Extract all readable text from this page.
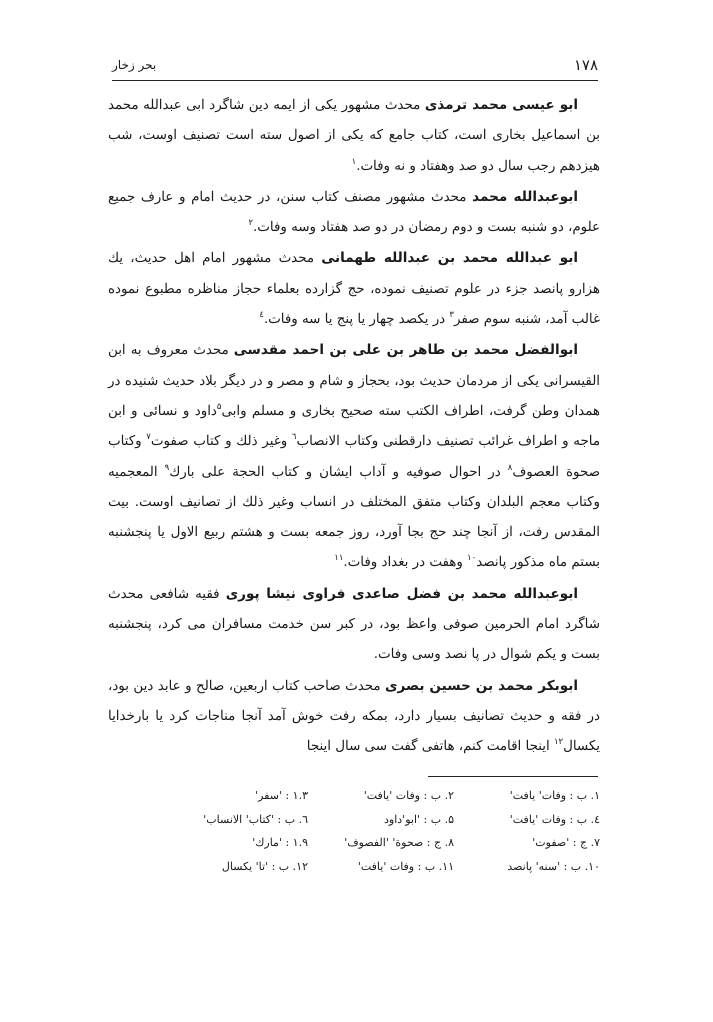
۱۷۸
بحر زخار

ابو عیسی محمد ترمذی محدث مشهور یکی از ایمه دین شاگرد ابی عبدالله محمد بن اسماعیل بخاری است، کتاب جامع که یکی از اصول سته است تصنیف اوست، شب هیزدهم رجب سال دو صد وهفتاد و نه وفات.$^۱$

ابوعبدالله محمد محدث مشهور مصنف کتاب سنن، در حدیث امام و عارف جمیع علوم، دو شنبه بست و دوم رمضان در دو صد هفتاد وسه وفات.$^۲$

ابو عبدالله محمد بن عبدالله طهمانی محدث مشهور امام اهل حدیث، یك هزارو پانصد جزء در علوم تصنیف نموده، حج گزارده بعلماء حجاز مناظره مطبوع نموده غالب آمد، شنبه سوم صفر$^۳$ در یکصد چهار یا پنج یا سه وفات.$^٤$

ابوالفضل محمد بن طاهر بن علی بن احمد مقدسی محدث معروف به ابن القیسرانی یکی از مردمان حدیث بود، بحجاز و شام و مصر و در دیگر بلاد حدیث شنیده در همدان وطن گرفت، اطراف الکتب سته صحیح بخاری و مسلم وابی$^۵$داود و نسائی و ابن ماجه و اطراف غرائب تصنیف دارقطنی وکتاب الانصاب$^٦$ وغیر ذلك و کتاب صفوت$^۷$ وکتاب صحوة العصوف$^۸$ در احوال صوفیه و آداب ایشان و کتاب الحجة علی بارك$^۹$ المعجمیه وکتاب معجم البلدان وکتاب متفق المختلف در انساب وغیر ذلك از تصانیف اوست. بیت المقدس رفت، از آنجا چند حج بجا آورد، روز جمعه بست و هشتم ربیع الاول یا پنجشنبه بستم ماه مذکور پانصد$^{۱۰}$ وهفت در بغداد وفات.$^{۱۱}$

ابوعبدالله محمد بن فضل صاعدی فراوی نیشا پوری فقیه شافعی محدث شاگرد امام الحرمین صوفی واعظ بود، در کبر سن خدمت مسافران می کرد، پنجشنبه بست و یکم شوال در پا نصد وسی وفات.

ابوبکر محمد بن حسین بصری محدث صاحب کتاب اربعین، صالح و عابد دین بود، در فقه و حدیث تصانیف بسیار دارد، بمکه رفت خوش آمد آنجا مناجات کرد یا بارخدایا یکسال$^{۱۲}$ اینجا اقامت کنم، هاتفی گفت سی سال اینجا

۱. ب : وفات' یافت'
۲. ب : وفات 'یافت'
۱.۳ : 'سفر'
٤. ب : وفات 'یافت'
۵. ب : 'ابو'داود
٦. ب : 'کتاب' الانساب'
۷. ج : 'صفوت'
۸. ج : صحوة' 'الفصوف'
۱.۹ : 'مارك'
۱۰. ب : 'سنه' پانصد
۱۱. ب : وفات 'یافت'
۱۲. ب : 'تا' یکسال
